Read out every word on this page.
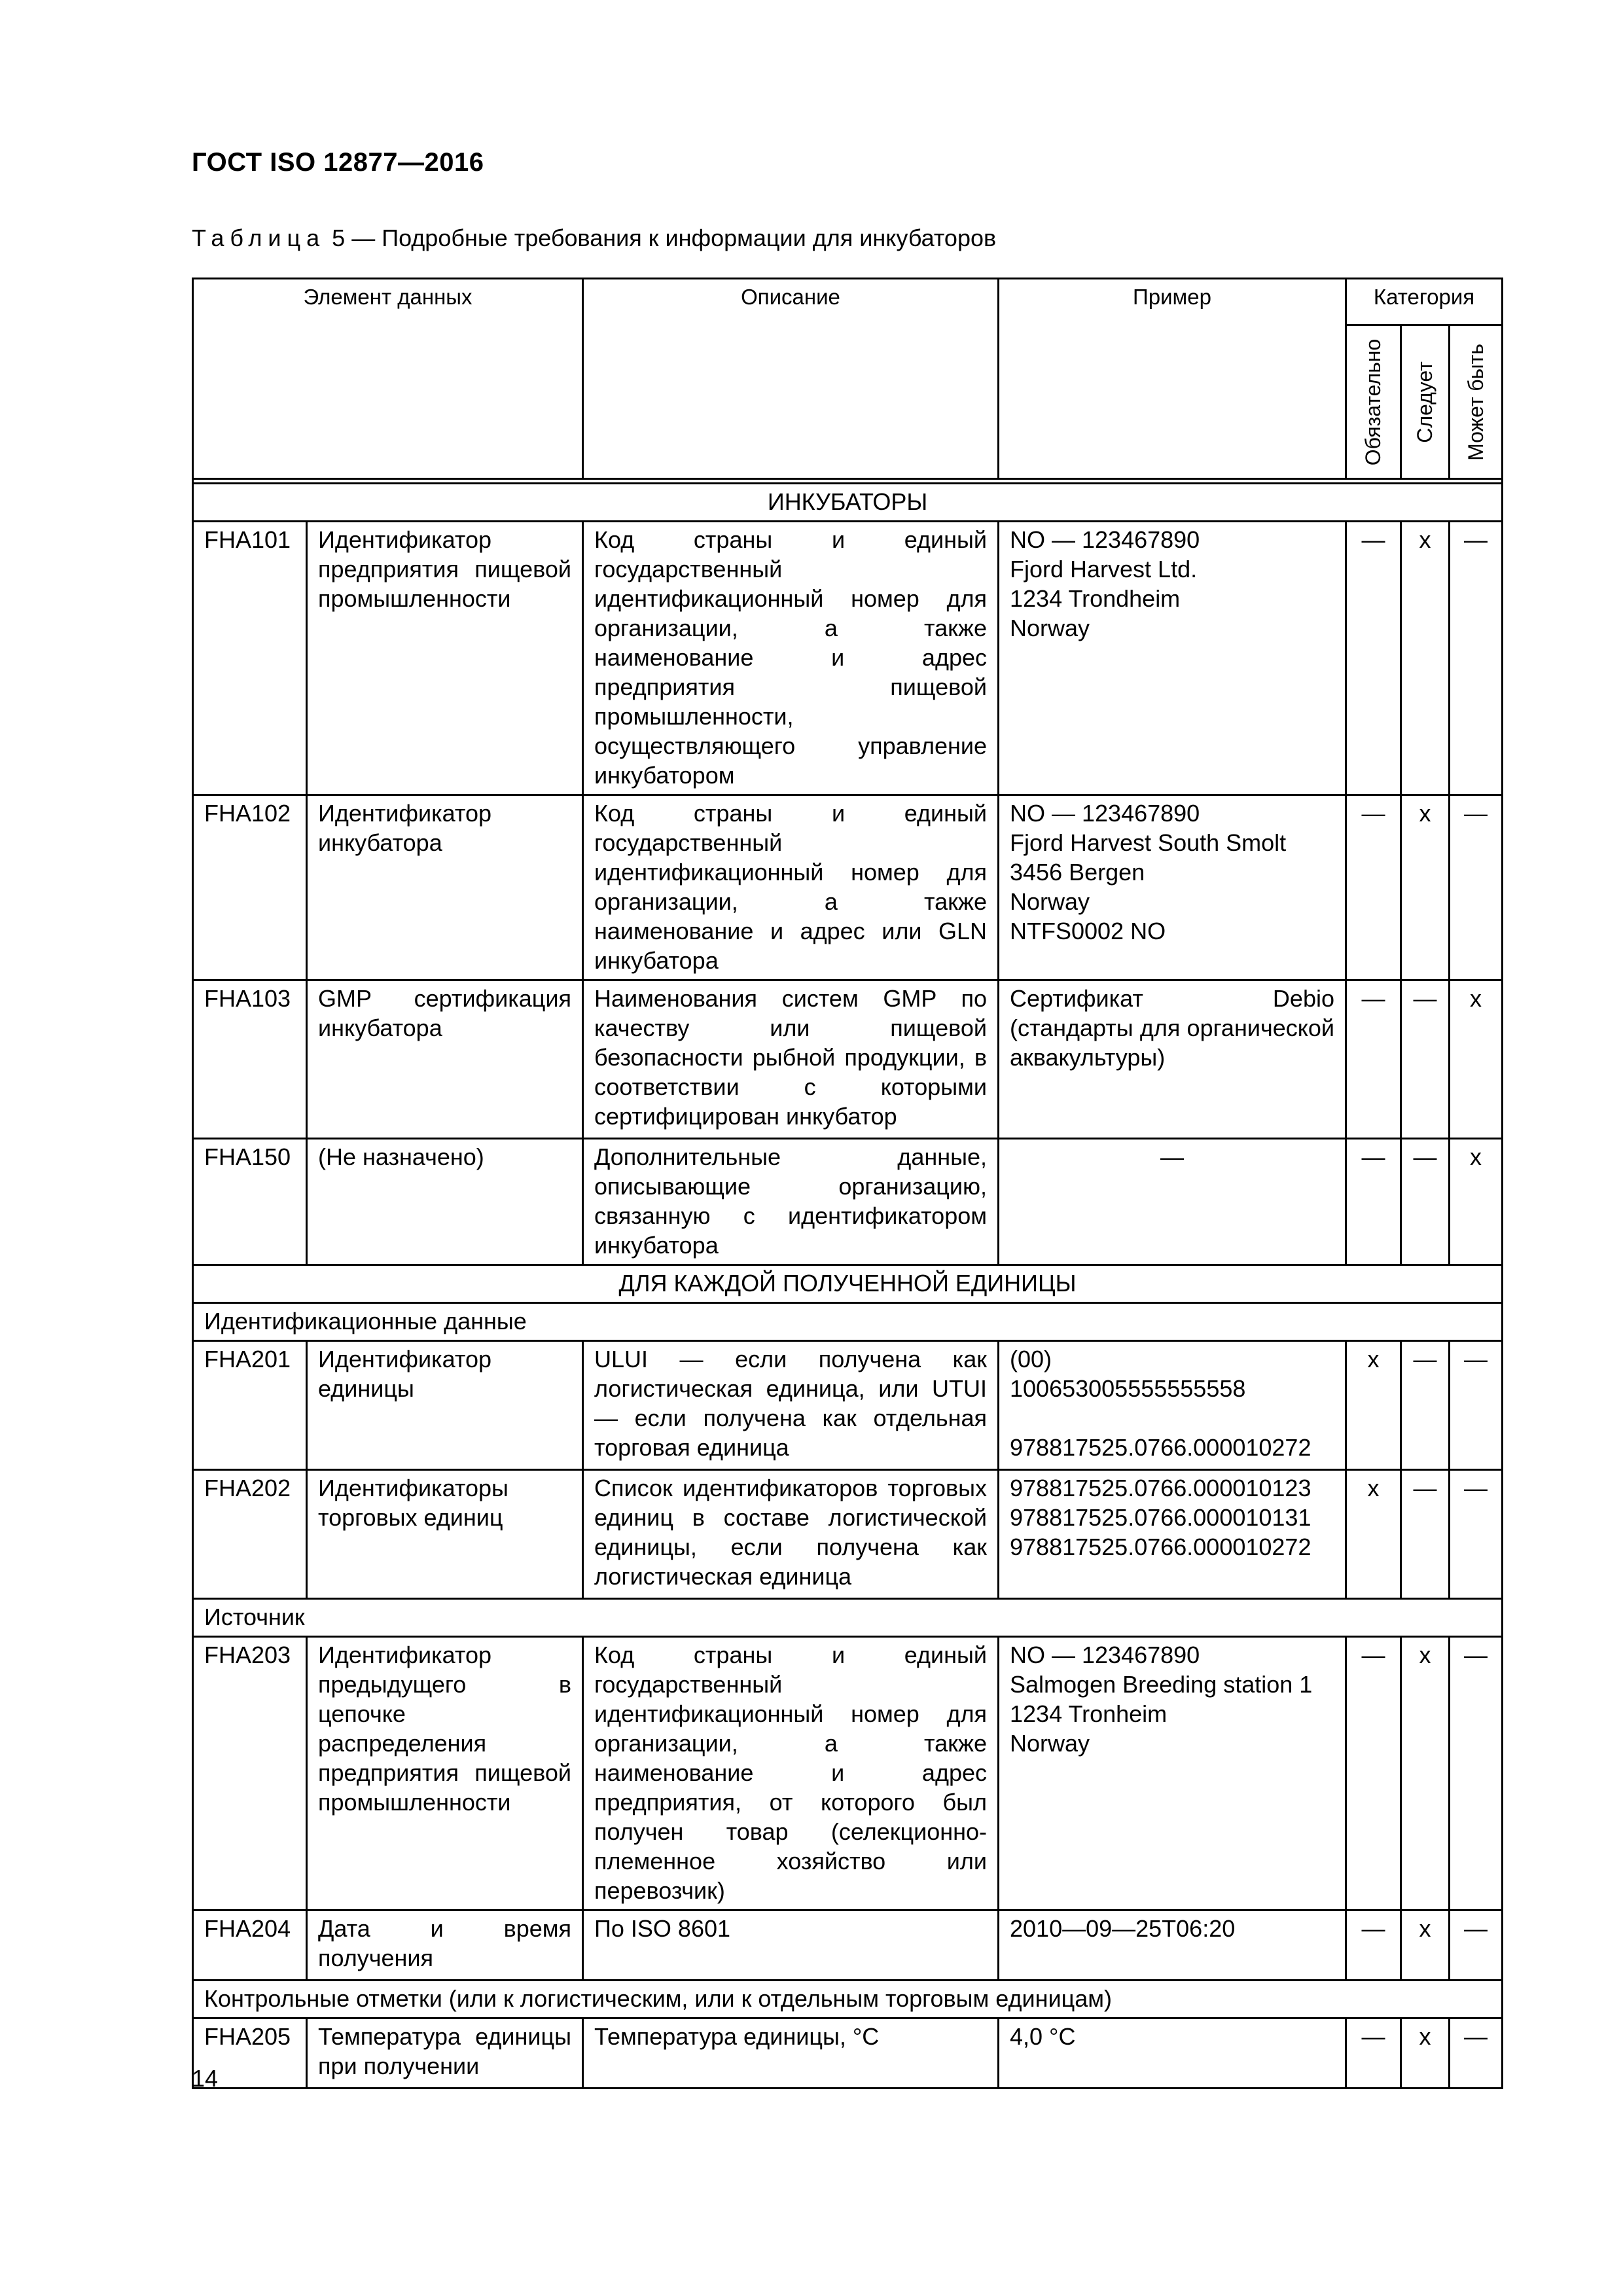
ГОСТ ISO 12877—2016
Таблица 5 — Подробные требования к информации для инкубаторов
Элемент данных		Описание	Пример	Категория		

				Обязательно	Следует	Может быть

ИНКУБАТОРЫ						
FHA101	Идентификатор предприятия пищевой промышленности	Код страны и единый государственный идентификационный номер для организации, а также наименование и адрес предприятия пищевой промышленности, осуществляющего управление инкубатором	NO — 123467890
Fjord Harvest Ltd.
1234 Trondheim
Norway	—	x	—
FHA102	Идентификатор инкубатора	Код страны и единый государственный идентификационный номер для организации, а также наименование и адрес или GLN инкубатора	NO — 123467890
Fjord Harvest South Smolt
3456 Bergen
Norway
NTFS0002 NO	—	x	—
FHA103	GMP сертификация инкубатора	Наименования систем GMP по качеству или пищевой безопасности рыбной продукции, в соответствии с которыми сертифицирован инкубатор	Сертификат Debio (стандарты для органической аквакультуры)	—	—	x
FHA150	(Не назначено)	Дополнительные данные, описывающие организацию, связанную с идентификатором инкубатора	—	—	—	x
ДЛЯ КАЖДОЙ ПОЛУЧЕННОЙ ЕДИНИЦЫ						
Идентификационные данные						
FHA201	Идентификатор единицы	ULUI — если получена как логистическая единица, или UTUI — если получена как отдельная торговая единица	(00)
100653005555555558
978817525.0766.000010272	x	—	—
FHA202	Идентификаторы торговых единиц	Список идентификаторов торговых единиц в составе логистической единицы, если получена как логистическая единица	978817525.0766.000010123
978817525.0766.000010131
978817525.0766.000010272	x	—	—
Источник						
FHA203	Идентификатор предыдущего в цепочке распределения предприятия пищевой промышленности	Код страны и единый государственный идентификационный номер для организации, а также наименование и адрес предприятия, от которого был получен товар (селекционно-племенное хозяйство или перевозчик)	NO — 123467890
Salmogen Breeding station 1
1234 Tronheim
Norway	—	x	—
FHA204	Дата и время получения	По ISO 8601	2010—09—25T06:20	—	x	—
Контрольные отметки (или к логистическим, или к отдельным торговым единицам)						
FHA205	Температура единицы при получении	Температура единицы, °C	4,0 °C	—	x	—
14
